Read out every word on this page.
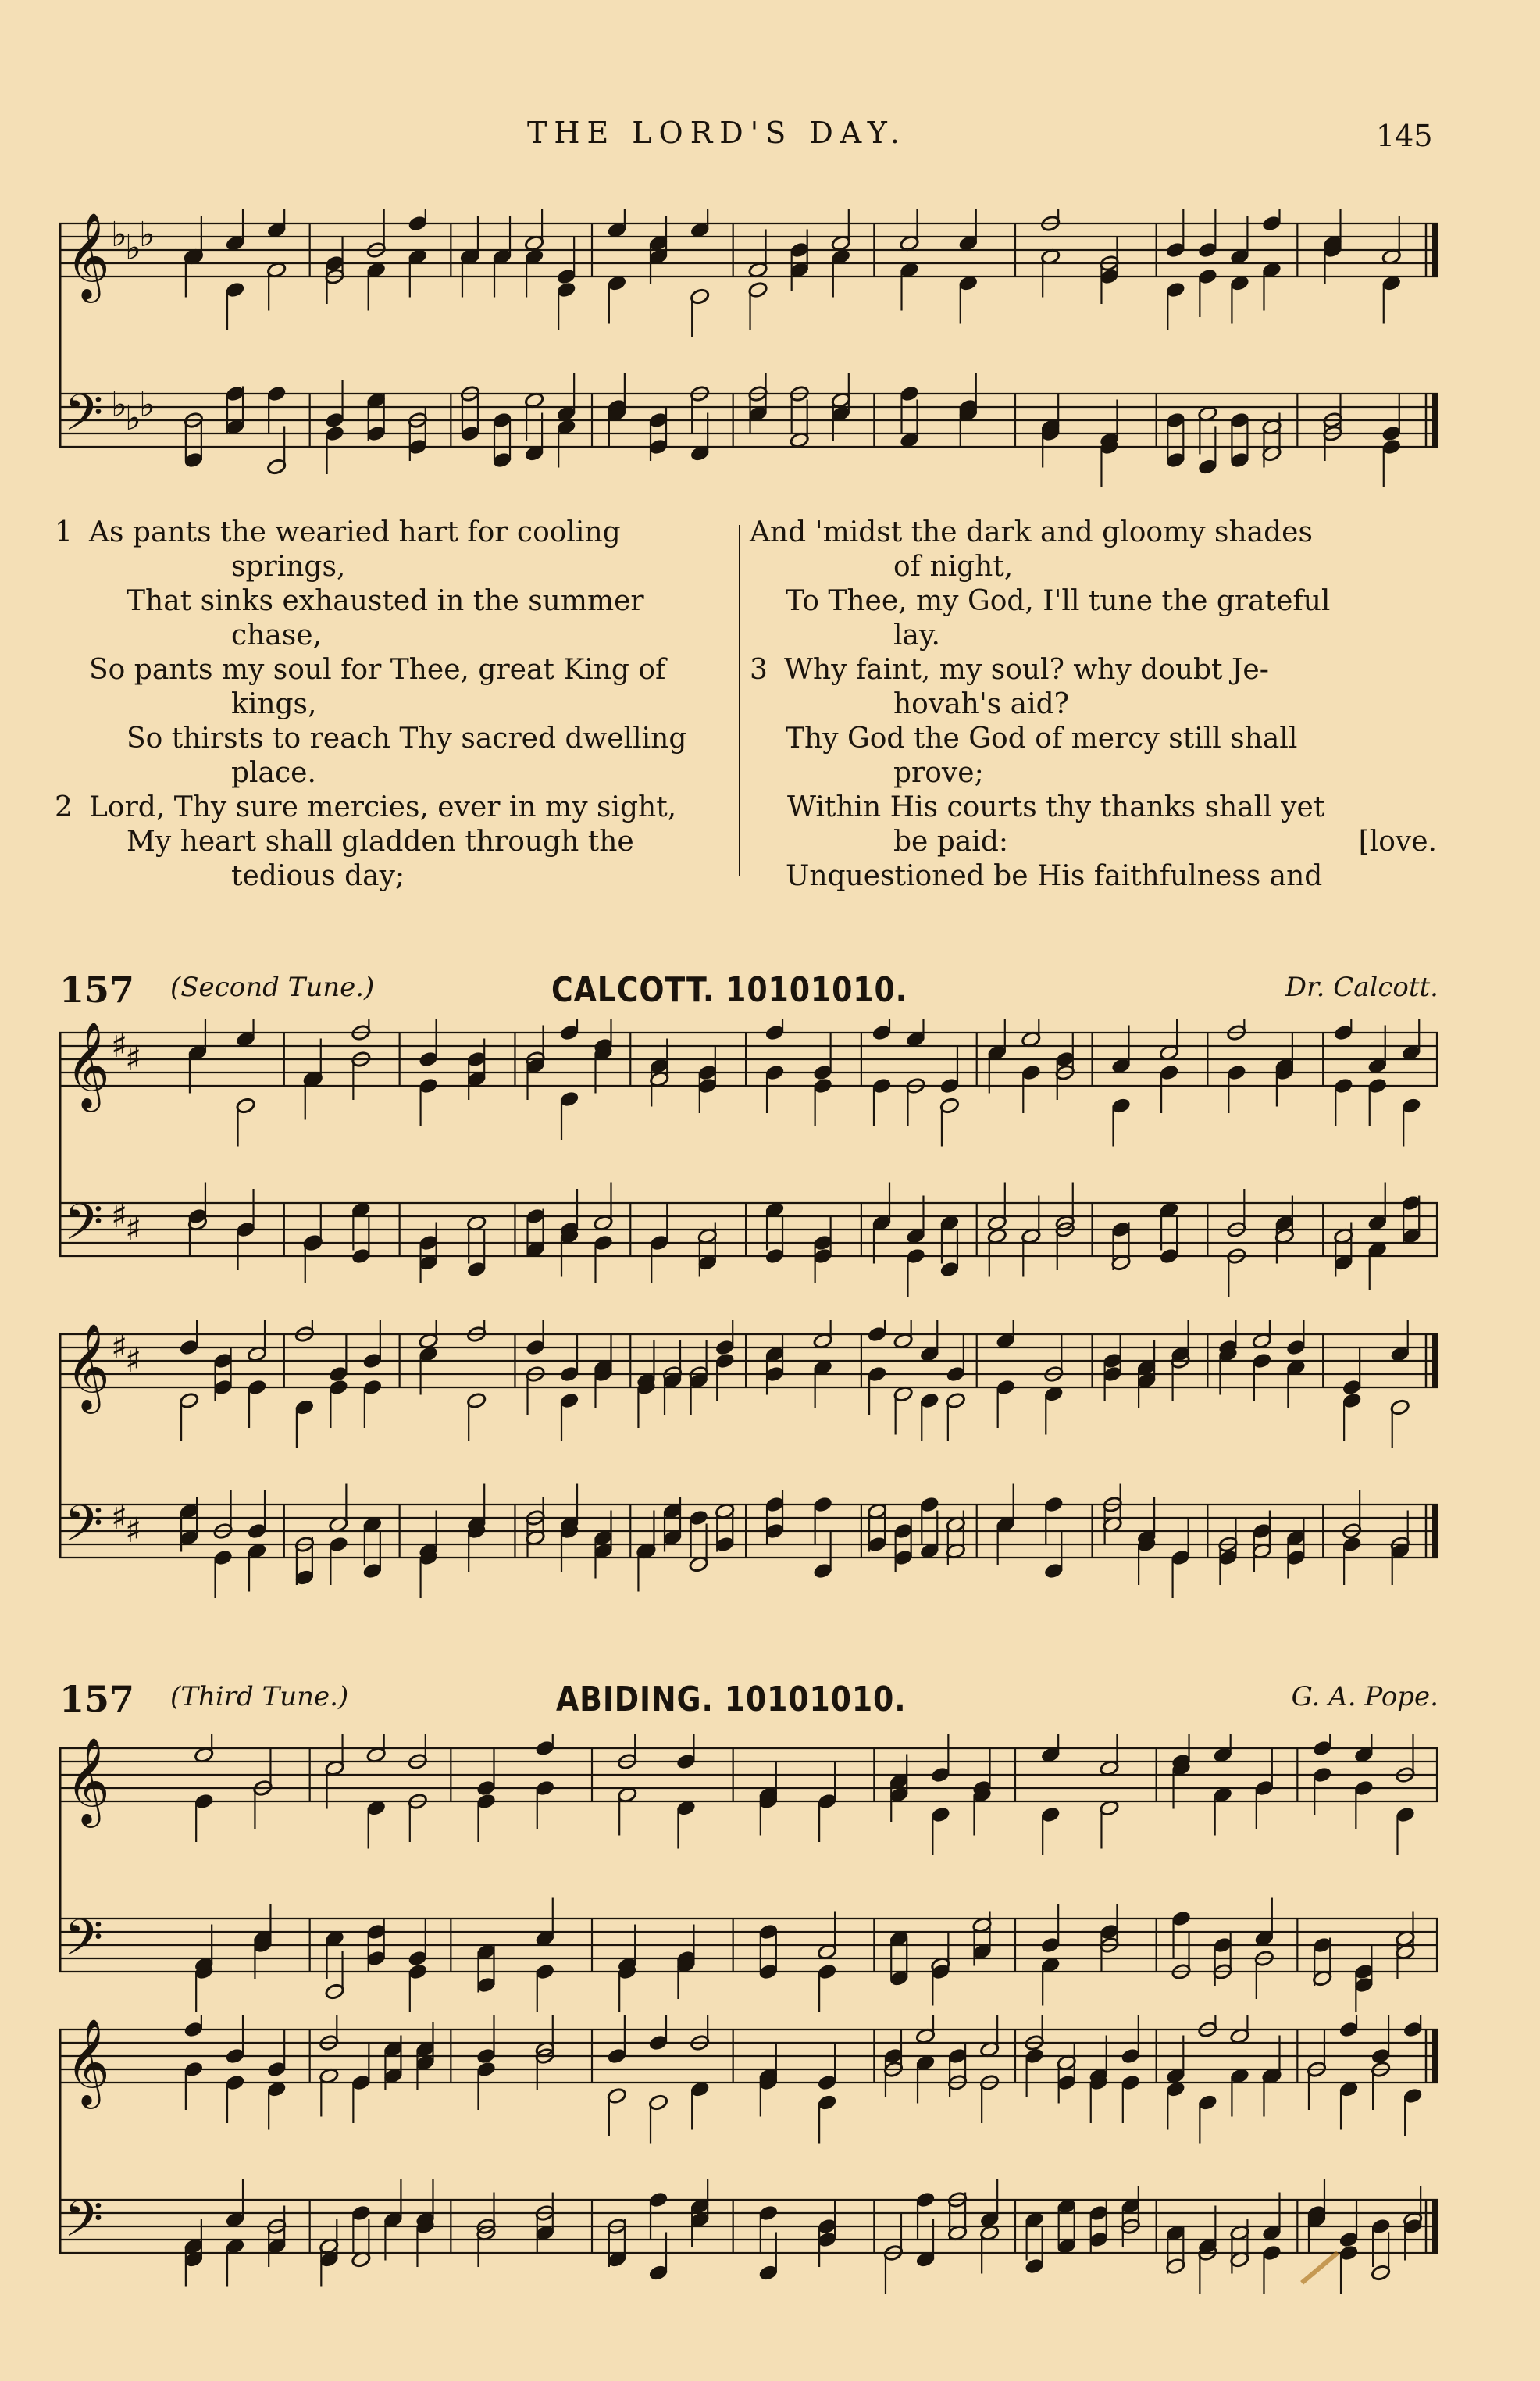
THE LORD'S DAY.	145
𝄞 ♭
♭
♭
𝄢 ♭
♭
♭
1 As pants the wearied hart for cooling
springs,
That sinks exhausted in the summer
chase,
So pants my soul for Thee, great King of
kings,
So thirsts to reach Thy sacred dwelling
place.
2 Lord, Thy sure mercies, ever in my sight,
My heart shall gladden through the
tedious day;
And 'midst the dark and gloomy shades
of night,
To Thee, my God, I'll tune the grateful
lay.
3 Why faint, my soul? why doubt Je-
hovah's aid?
Thy God the God of mercy still shall
prove;
Within His courts thy thanks shall yet
be paid:	[love.
Unquestioned be His faithfulness and
157 (Second Tune.)	CALCOTT. 10101010.	Dr. Calcott.
𝄞 ♯
♯
𝄢 ♯
♯
𝄞 ♯
♯
𝄢 ♯
♯
157 (Third Tune.)	ABIDING. 10101010.	G. A. Pope.
𝄞
𝄢
𝄞
𝄢
